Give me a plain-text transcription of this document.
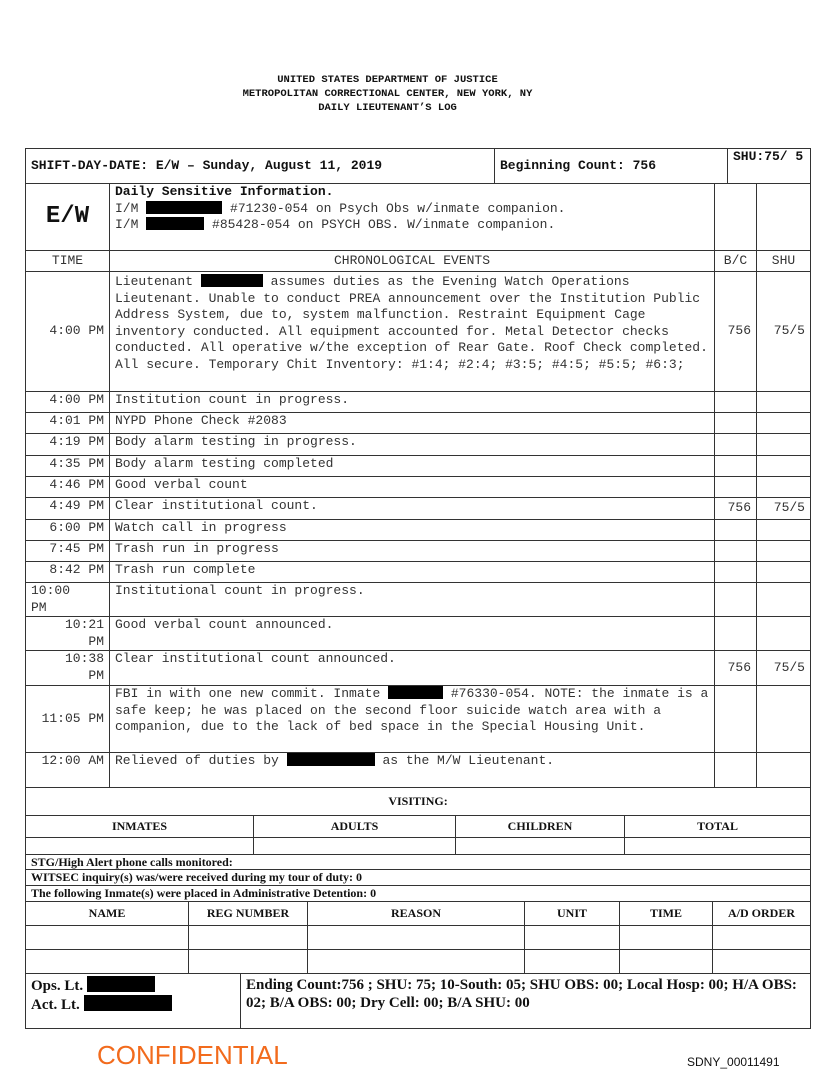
UNITED STATES DEPARTMENT OF JUSTICE
METROPOLITAN CORRECTIONAL CENTER, NEW YORK, NY
DAILY LIEUTENANT’S LOG
SHIFT-DAY-DATE: E/W – Sunday, August 11, 2019	Beginning Count: 756	SHU:75/ 5
E/W	Daily Sensitive Information.
I/M #71230-054 on Psych Obs w/inmate companion.
I/M #85428-054 on PSYCH OBS. W/inmate companion.		

TIME	CHRONOLOGICAL EVENTS	B/C	SHU
4:00 PM	Lieutenant assumes duties as the Evening Watch Operations Lieutenant. Unable to conduct PREA announcement over the Institution Public Address System, due to, system malfunction. Restraint Equipment Cage inventory conducted. All equipment accounted for. Metal Detector checks conducted. All operative w/the exception of Rear Gate. Roof Check completed. All secure. Temporary Chit Inventory: #1:4; #2:4; #3:5; #4:5; #5:5; #6:3;	756	75/5
4:00 PM	Institution count in progress.		
4:01 PM	NYPD Phone Check #2083		
4:19 PM	Body alarm testing in progress.		
4:35 PM	Body alarm testing completed		
4:46 PM	Good verbal count		
4:49 PM	Clear institutional count.	756	75/5
6:00 PM	Watch call in progress		
7:45 PM	Trash run in progress		
8:42 PM	Trash run complete		
10:00 PM	Institutional count in progress.		
10:21 PM	Good verbal count announced.		
10:38 PM	Clear institutional count announced.	756	75/5
11:05 PM	FBI in with one new commit. Inmate #76330-054. NOTE: the inmate is a safe keep; he was placed on the second floor suicide watch area with a companion, due to the lack of bed space in the Special Housing Unit.		
12:00 AM	Relieved of duties by as the M/W Lieutenant.		
VISITING:			
INMATES	ADULTS	CHILDREN	TOTAL

STG/High Alert phone calls monitored:			
WITSEC inquiry(s) was/were received during my tour of duty: 0			
The following Inmate(s) were placed in Administrative Detention: 0			
NAME	REG NUMBER	REASON	UNIT	TIME	A/D ORDER

Ops. Lt.
Act. Lt.
	Ending Count:756 ; SHU: 75; 10-South: 05; SHU OBS: 00; Local Hosp: 00; H/A OBS: 02; B/A OBS: 00; Dry Cell: 00; B/A SHU: 00
CONFIDENTIAL	SDNY_00011491
